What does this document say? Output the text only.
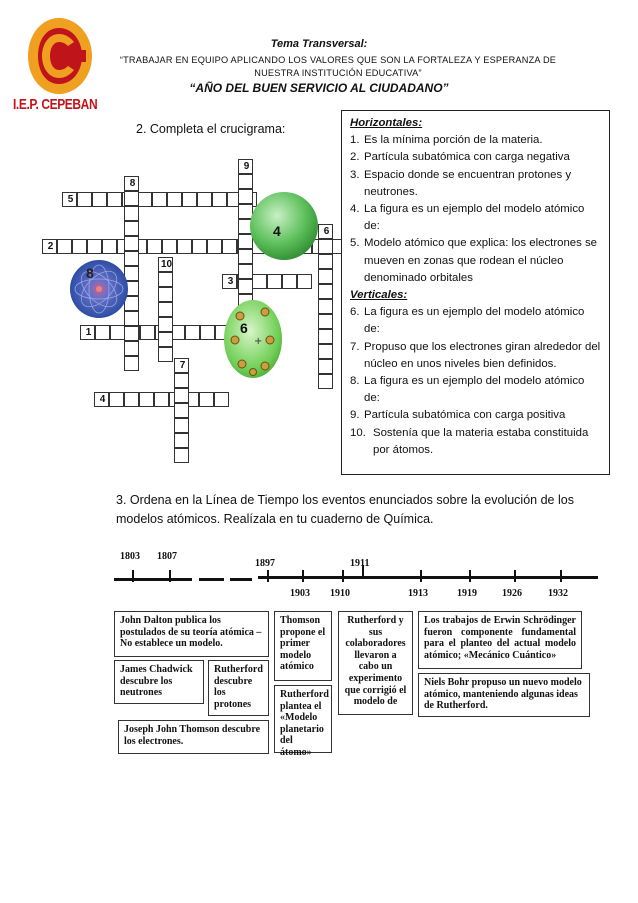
I.E.P. CEPEBAN
Tema Transversal:
“TRABAJAR EN EQUIPO APLICANDO LOS VALORES QUE SON LA FORTALEZA Y ESPERANZA DE NUESTRA INSTITUCIÓN EDUCATIVA”
“AÑO DEL BUEN SERVICIO AL CIUDADANO”
2. Completa el crucigrama:
5
2
3
1
4
8
9
10
6
7
4
+
6
8
Horizontales:
1. Es la mínima porción de la materia.
2. Partícula subatómica con carga negativa
3. Espacio donde se encuentran protones y neutrones.
4. La figura es un ejemplo del modelo atómico de:
5. Modelo atómico que explica: los electrones se mueven en zonas que rodean el núcleo denominado orbitales
Verticales:
6. La figura es un ejemplo del modelo atómico de:
7. Propuso que los electrones giran alrededor del núcleo en unos niveles bien definidos.
8. La figura es un ejemplo del modelo atómico de:
9. Partícula subatómica con carga positiva
10. Sostenía que la materia estaba constituida por átomos.
3. Ordena en la Línea de Tiempo los eventos enunciados sobre la evolución de los modelos atómicos. Realízala en tu cuaderno de Química.
1803 1807
1897
1903 1910
1911
1913	1919	1926	1932
John Dalton publica los postulados de su teoría atómica – No establece un modelo.
James Chadwick descubre los neutrones
Rutherford descubre los protones
Joseph John Thomson descubre los electrones.
Thomson propone el primer modelo atómico
Rutherford plantea el «Modelo planetario del átomo»
Rutherford y sus colaboradores llevaron a cabo un experimento que corrigió el modelo de
Los trabajos de Erwin Schrödinger fueron componente fundamental para el planteo del actual modelo atómico; «Mecánico Cuántico»
Niels Bohr propuso un nuevo modelo atómico, manteniendo algunas ideas de Rutherford.
